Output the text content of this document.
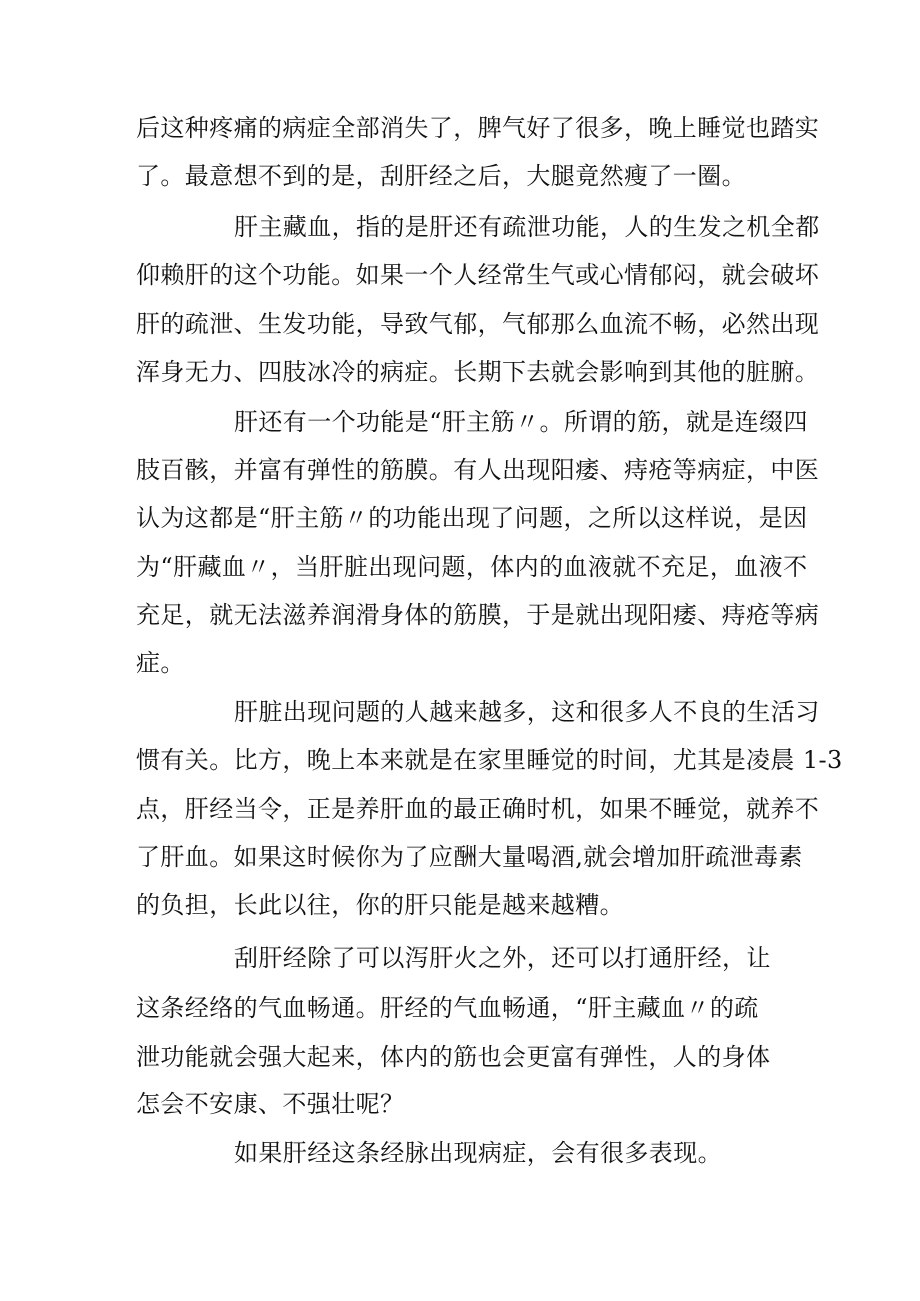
后这种疼痛的病症全部消失了，脾气好了很多，晚上睡觉也踏实
了。最意想不到的是，刮肝经之后，大腿竟然瘦了一圈。
肝主藏血，指的是肝还有疏泄功能，人的生发之机全都
仰赖肝的这个功能。如果一个人经常生气或心情郁闷，就会破坏
肝的疏泄、生发功能，导致气郁，气郁那么血流不畅，必然出现
浑身无力、四肢冰冷的病症。长期下去就会影响到其他的脏腑。
肝还有一个功能是“肝主筋〃。所谓的筋，就是连缀四
肢百骸，并富有弹性的筋膜。有人出现阳痿、痔疮等病症，中医
认为这都是“肝主筋〃的功能出现了问题，之所以这样说，是因
为“肝藏血〃，当肝脏出现问题，体内的血液就不充足，血液不
充足，就无法滋养润滑身体的筋膜，于是就出现阳痿、痔疮等病
症。
肝脏出现问题的人越来越多，这和很多人不良的生活习
惯有关。比方，晚上本来就是在家里睡觉的时间，尤其是凌晨 1-3
点，肝经当令，正是养肝血的最正确时机，如果不睡觉，就养不
了肝血。如果这时候你为了应酬大量喝酒,就会增加肝疏泄毒素
的负担，长此以往，你的肝只能是越来越糟。
刮肝经除了可以泻肝火之外，还可以打通肝经，让
这条经络的气血畅通。肝经的气血畅通，“肝主藏血〃的疏
泄功能就会强大起来，体内的筋也会更富有弹性，人的身体
怎会不安康、不强壮呢？
如果肝经这条经脉出现病症，会有很多表现。
